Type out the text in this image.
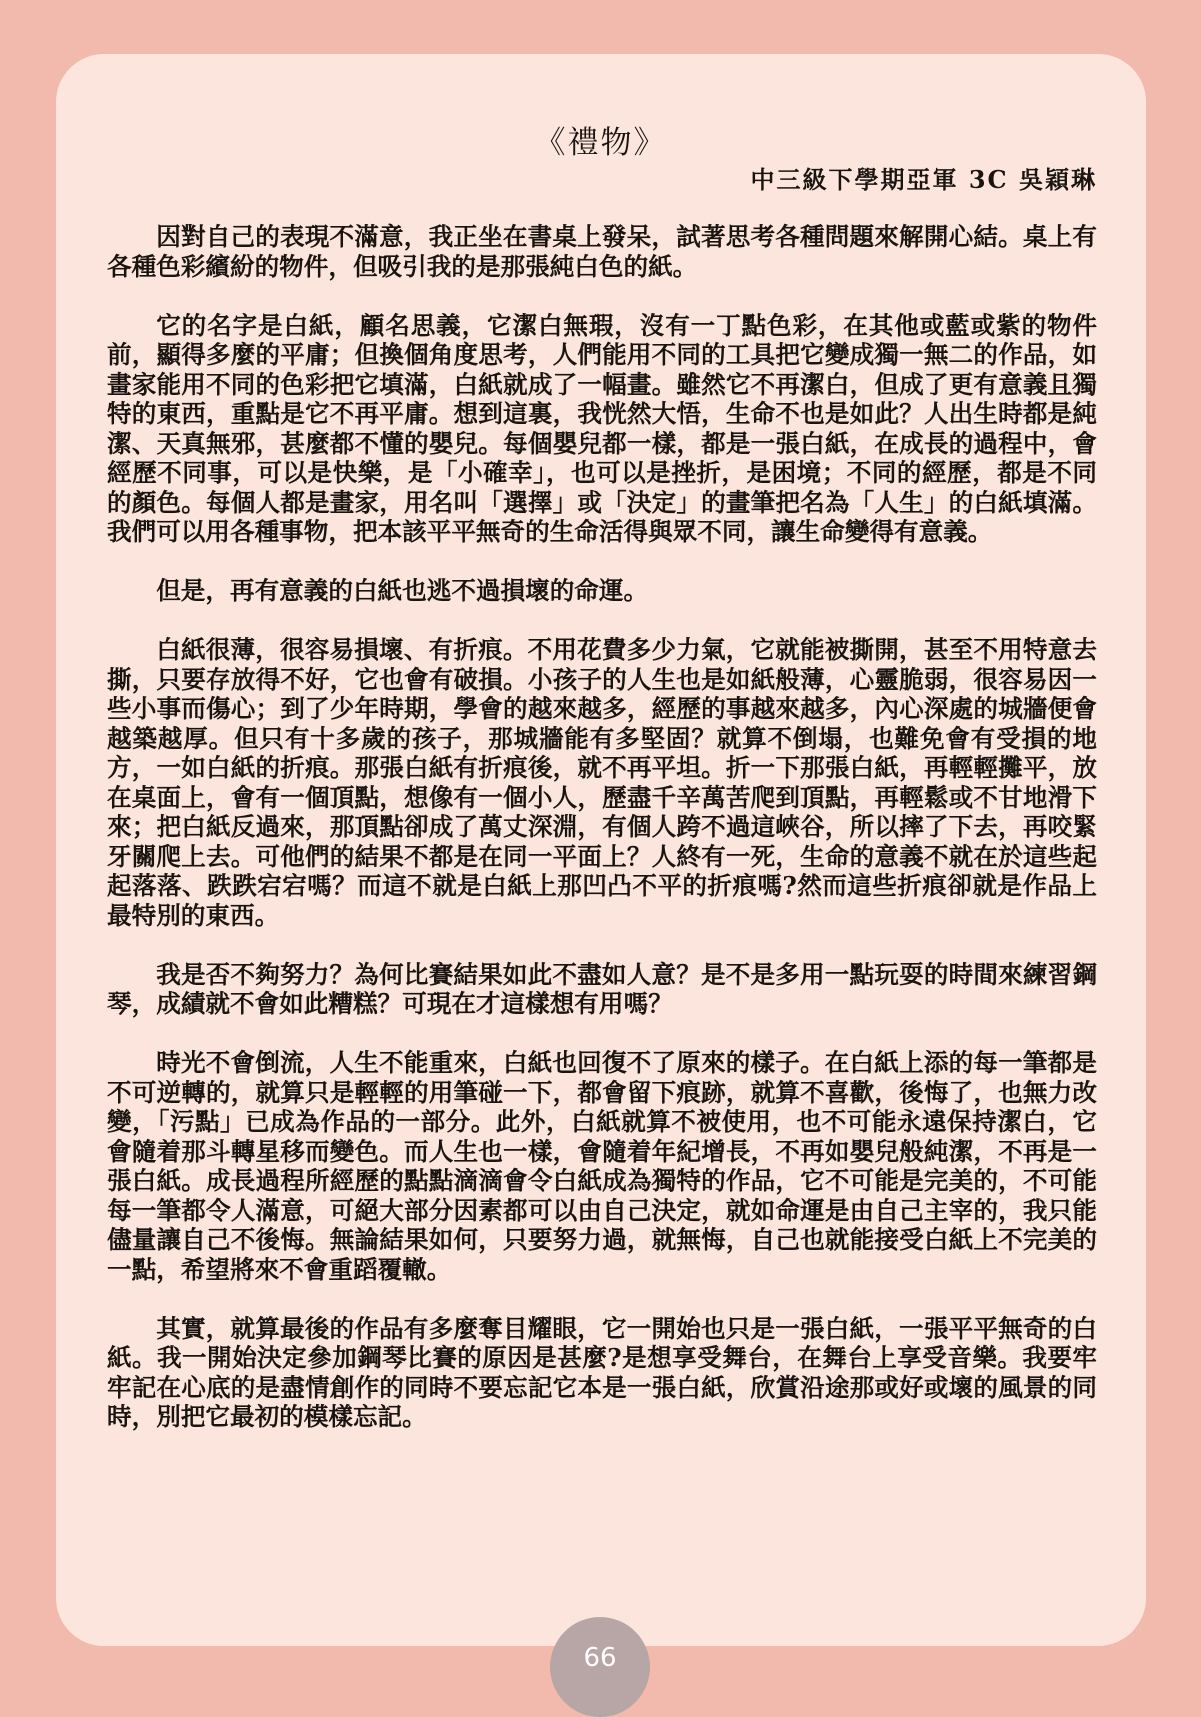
《禮物》
中三級下學期亞軍 3C 吳穎琳

因對自己的表現不滿意，我正坐在書桌上發呆，試著思考各種問題來解開心結。桌上有各種色彩繽紛的物件，但吸引我的是那張純白色的紙。

它的名字是白紙，顧名思義，它潔白無瑕，沒有一丁點色彩，在其他或藍或紫的物件前，顯得多麼的平庸；但換個角度思考，人們能用不同的工具把它變成獨一無二的作品，如畫家能用不同的色彩把它填滿，白紙就成了一幅畫。雖然它不再潔白，但成了更有意義且獨特的東西，重點是它不再平庸。想到這裏，我恍然大悟，生命不也是如此？人出生時都是純潔、天真無邪，甚麼都不懂的嬰兒。每個嬰兒都一樣，都是一張白紙，在成長的過程中，會經歷不同事，可以是快樂，是「小確幸」，也可以是挫折，是困境；不同的經歷，都是不同的顏色。每個人都是畫家，用名叫「選擇」或「決定」的畫筆把名為「人生」的白紙填滿。我們可以用各種事物，把本該平平無奇的生命活得與眾不同，讓生命變得有意義。

但是，再有意義的白紙也逃不過損壞的命運。

白紙很薄，很容易損壞、有折痕。不用花費多少力氣，它就能被撕開，甚至不用特意去撕，只要存放得不好，它也會有破損。小孩子的人生也是如紙般薄，心靈脆弱，很容易因一些小事而傷心；到了少年時期，學會的越來越多，經歷的事越來越多，內心深處的城牆便會越築越厚。但只有十多歲的孩子，那城牆能有多堅固？就算不倒塌，也難免會有受損的地方，一如白紙的折痕。那張白紙有折痕後，就不再平坦。折一下那張白紙，再輕輕攤平，放在桌面上，會有一個頂點，想像有一個小人，歷盡千辛萬苦爬到頂點，再輕鬆或不甘地滑下來；把白紙反過來，那頂點卻成了萬丈深淵，有個人跨不過這峽谷，所以摔了下去，再咬緊牙關爬上去。可他們的結果不都是在同一平面上？人終有一死，生命的意義不就在於這些起起落落、跌跌宕宕嗎？而這不就是白紙上那凹凸不平的折痕嗎?然而這些折痕卻就是作品上最特別的東西。

我是否不夠努力？為何比賽結果如此不盡如人意？是不是多用一點玩耍的時間來練習鋼琴，成績就不會如此糟糕？可現在才這樣想有用嗎？

時光不會倒流，人生不能重來，白紙也回復不了原來的樣子。在白紙上添的每一筆都是不可逆轉的，就算只是輕輕的用筆碰一下，都會留下痕跡，就算不喜歡，後悔了，也無力改變，「污點」已成為作品的一部分。此外，白紙就算不被使用，也不可能永遠保持潔白，它會隨着那斗轉星移而變色。而人生也一樣，會隨着年紀增長，不再如嬰兒般純潔，不再是一張白紙。成長過程所經歷的點點滴滴會令白紙成為獨特的作品，它不可能是完美的，不可能每一筆都令人滿意，可絕大部分因素都可以由自己決定，就如命運是由自己主宰的，我只能儘量讓自己不後悔。無論結果如何，只要努力過，就無悔，自己也就能接受白紙上不完美的一點，希望將來不會重蹈覆轍。

其實，就算最後的作品有多麼奪目耀眼，它一開始也只是一張白紙，一張平平無奇的白紙。我一開始決定參加鋼琴比賽的原因是甚麼?是想享受舞台，在舞台上享受音樂。我要牢牢記在心底的是盡情創作的同時不要忘記它本是一張白紙，欣賞沿途那或好或壞的風景的同時，別把它最初的模樣忘記。

66
